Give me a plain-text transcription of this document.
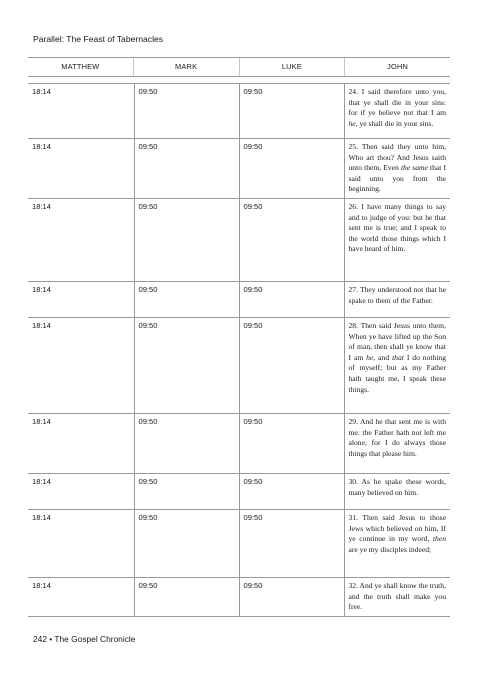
Parallel: The Feast of Tabernacles
MATTHEW	MARK	LUKE	JOHN
18:14	09:50	09:50	24. I said therefore unto you, that ye shall die in your sins: for if ye believe not that I am he, ye shall die in your sins.
18:14	09:50	09:50	25. Then said they unto him, Who art thou? And Jesus saith unto them, Even the same that I said unto you from the beginning.
18:14	09:50	09:50	26. I have many things to say and to judge of you: but he that sent me is true; and I speak to the world those things which I have heard of him.
18:14	09:50	09:50	27. They understood not that he spake to them of the Father.
18:14	09:50	09:50	28. Then said Jesus unto them, When ye have lifted up the Son of man, then shall ye know that I am he, and that I do nothing of myself; but as my Father hath taught me, I speak these things.
18:14	09:50	09:50	29. And he that sent me is with me: the Father hath not left me alone; for I do always those things that please him.
18:14	09:50	09:50	30. As he spake these words, many believed on him.
18:14	09:50	09:50	31. Then said Jesus to those Jews which believed on him, If ye continue in my word, then are ye my disciples indeed;
18:14	09:50	09:50	32. And ye shall know the truth, and the truth shall make you free.
242 • The Gospel Chronicle
